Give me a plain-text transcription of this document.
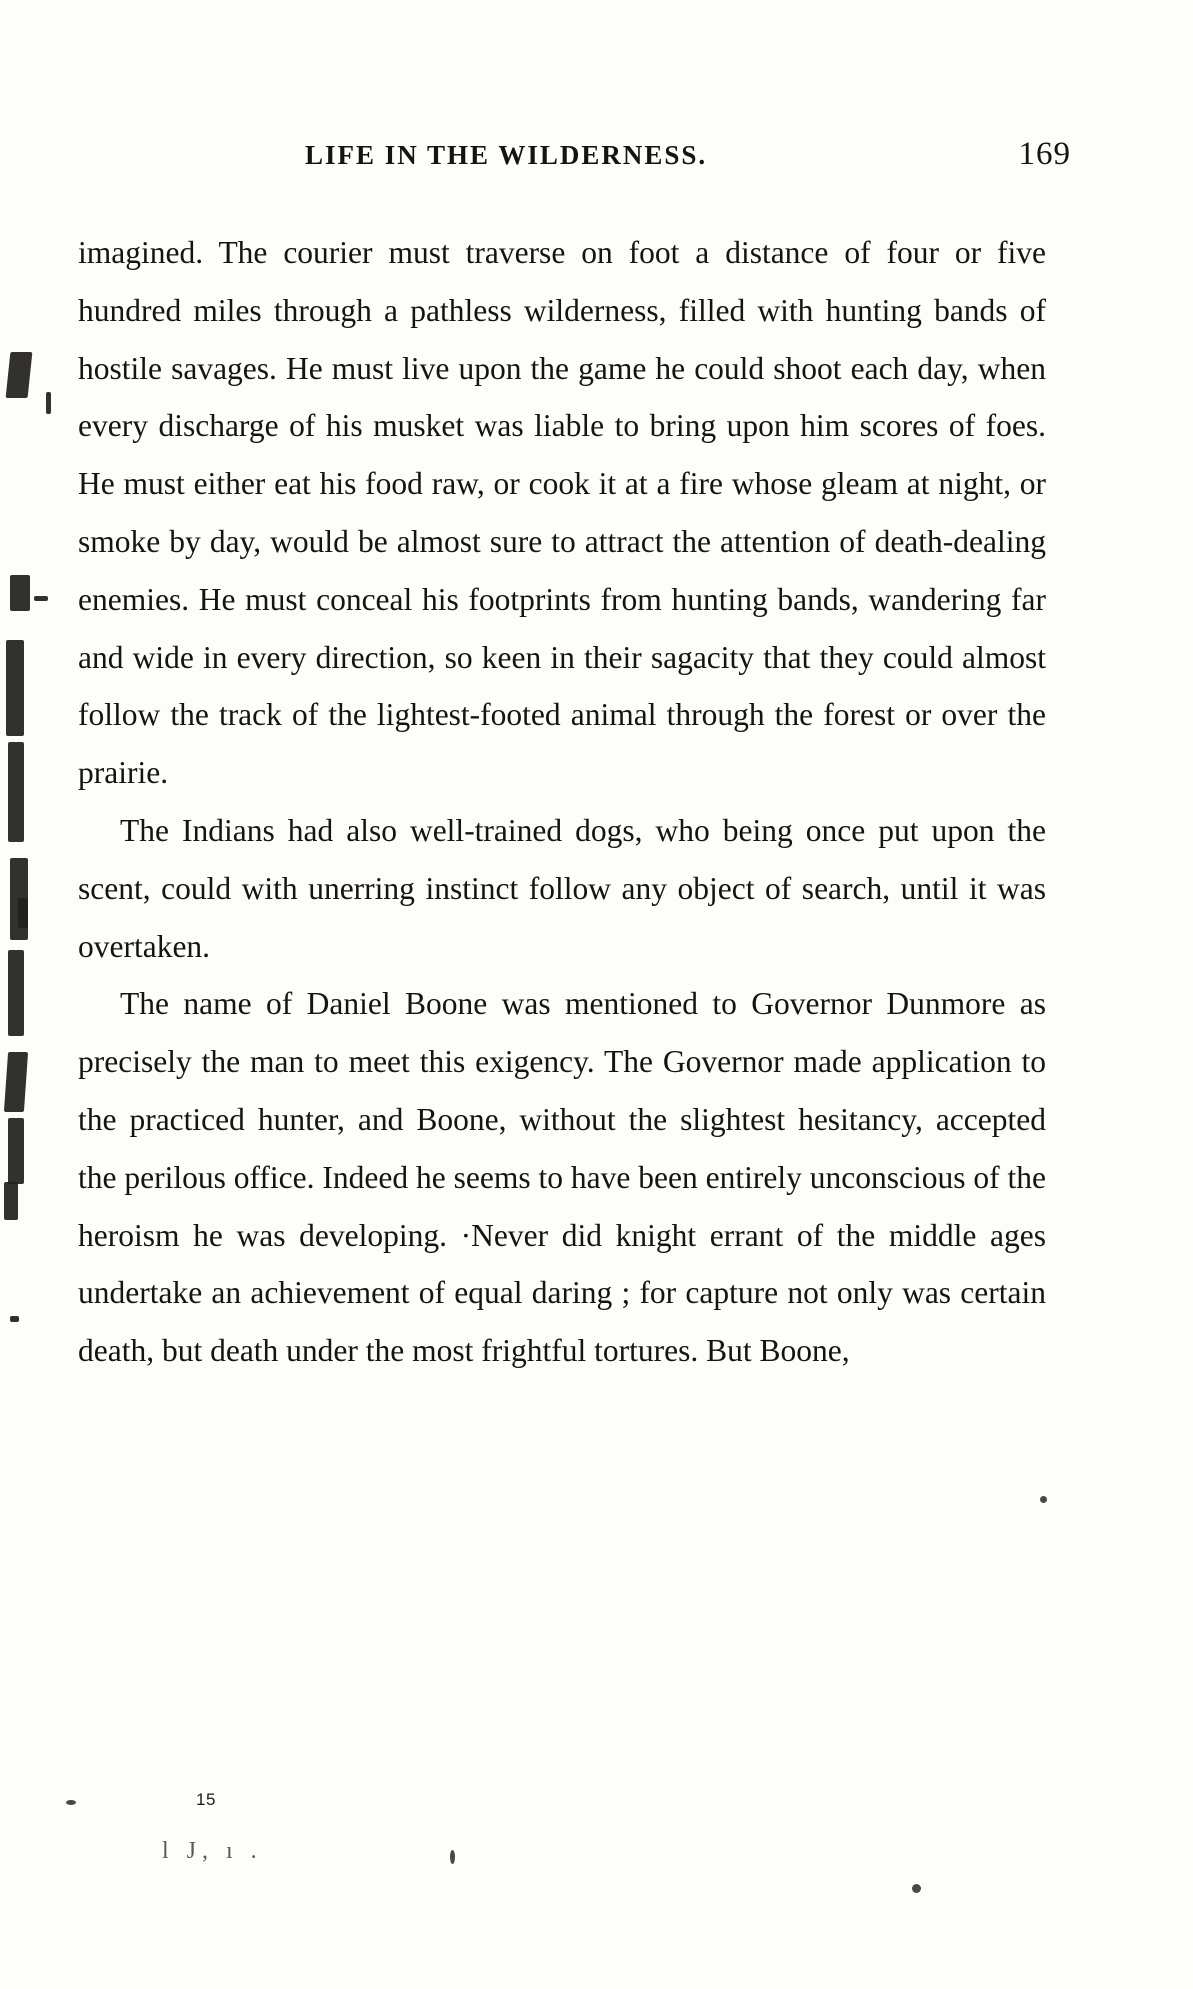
LIFE IN THE WILDERNESS.	169

imagined. The courier must traverse on foot a distance of four or five hundred miles through a pathless wilderness, filled with hunting bands of hostile savages. He must live upon the game he could shoot each day, when every discharge of his musket was liable to bring upon him scores of foes. He must either eat his food raw, or cook it at a fire whose gleam at night, or smoke by day, would be almost sure to attract the attention of death-dealing enemies. He must conceal his footprints from hunting bands, wandering far and wide in every direction, so keen in their sagacity that they could almost follow the track of the lightest-footed animal through the forest or over the prairie.

The Indians had also well-trained dogs, who being once put upon the scent, could with unerring instinct follow any object of search, until it was overtaken.

The name of Daniel Boone was mentioned to Governor Dunmore as precisely the man to meet this exigency. The Governor made application to the practiced hunter, and Boone, without the slightest hesitancy, accepted the perilous office. Indeed he seems to have been entirely unconscious of the heroism he was developing. ·Never did knight errant of the middle ages undertake an achievement of equal daring ; for capture not only was certain death, but death under the most frightful tortures. But Boone,

15
l J, ı .
